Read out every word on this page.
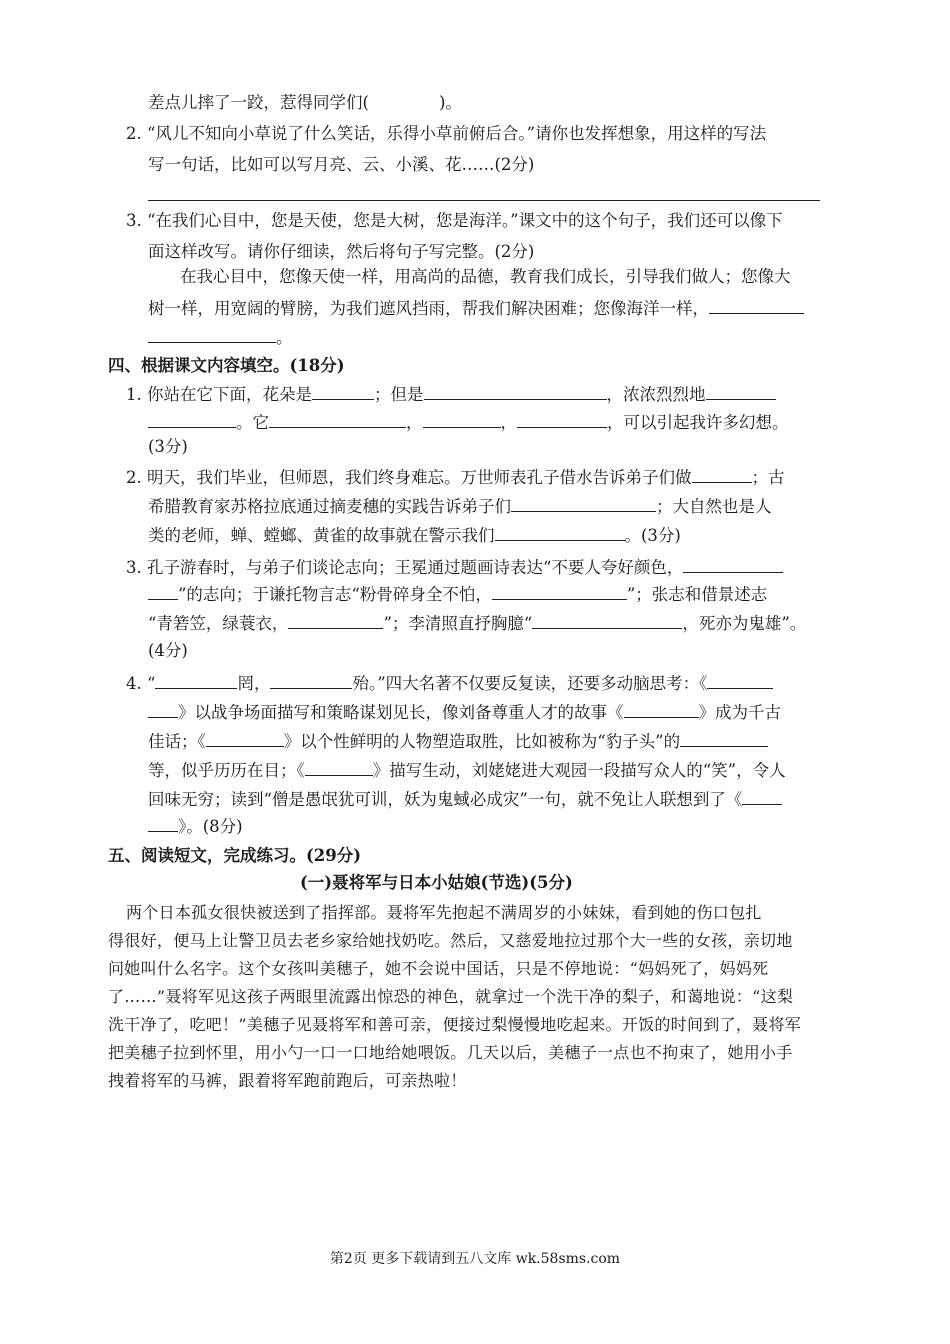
差点儿摔了一跤，惹得同学们(	)。
2. “风儿不知向小草说了什么笑话，乐得小草前俯后合。”请你也发挥想象，用这样的写法
写一句话，比如可以写月亮、云、小溪、花……(2分)
3. “在我们心目中，您是天使，您是大树，您是海洋。”课文中的这个句子，我们还可以像下
面这样改写。请你仔细读，然后将句子写完整。(2分)
在我心目中，您像天使一样，用高尚的品德，教育我们成长，引导我们做人；您像大
树一样，用宽阔的臂膀，为我们遮风挡雨，帮我们解决困难；您像海洋一样，
。
四、根据课文内容填空。(18分)
1. 你站在它下面，花朵是	；但是	，浓浓烈烈地
。它	，	，	，可以引起我许多幻想。
(3分)
2. 明天，我们毕业，但师恩，我们终身难忘。万世师表孔子借水告诉弟子们做	；古
希腊教育家苏格拉底通过摘麦穗的实践告诉弟子们	；大自然也是人
类的老师，蝉、螳螂、黄雀的故事就在警示我们	。(3分)
3. 孔子游春时，与弟子们谈论志向；王冕通过题画诗表达“不要人夸好颜色，
”的志向；于谦托物言志“粉骨碎身全不怕，	”；张志和借景述志
“青箬笠，绿蓑衣，	”；李清照直抒胸臆“	，死亦为鬼雄”。
(4分)
4. “	罔，	殆。”四大名著不仅要反复读，还要多动脑思考：《
》以战争场面描写和策略谋划见长，像刘备尊重人才的故事《	》成为千古
佳话；《	》以个性鲜明的人物塑造取胜，比如被称为“豹子头”的
等，似乎历历在目；《	》描写生动，刘姥姥进大观园一段描写众人的“笑”，令人
回味无穷；读到“僧是愚氓犹可训，妖为鬼蜮必成灾”一句，就不免让人联想到了《
》。(8分)
五、阅读短文，完成练习。(29分)
(一)聂将军与日本小姑娘(节选)(5分)
两个日本孤女很快被送到了指挥部。聂将军先抱起不满周岁的小妹妹，看到她的伤口包扎
得很好，便马上让警卫员去老乡家给她找奶吃。然后，又慈爱地拉过那个大一些的女孩，亲切地
问她叫什么名字。这个女孩叫美穗子，她不会说中国话，只是不停地说：“妈妈死了，妈妈死
了……”聂将军见这孩子两眼里流露出惊恐的神色，就拿过一个洗干净的梨子，和蔼地说：“这梨
洗干净了，吃吧！”美穗子见聂将军和善可亲，便接过梨慢慢地吃起来。开饭的时间到了，聂将军
把美穗子拉到怀里，用小勺一口一口地给她喂饭。几天以后，美穗子一点也不拘束了，她用小手
拽着将军的马裤，跟着将军跑前跑后，可亲热啦！
第2页 更多下载请到五八文库 wk.58sms.com
